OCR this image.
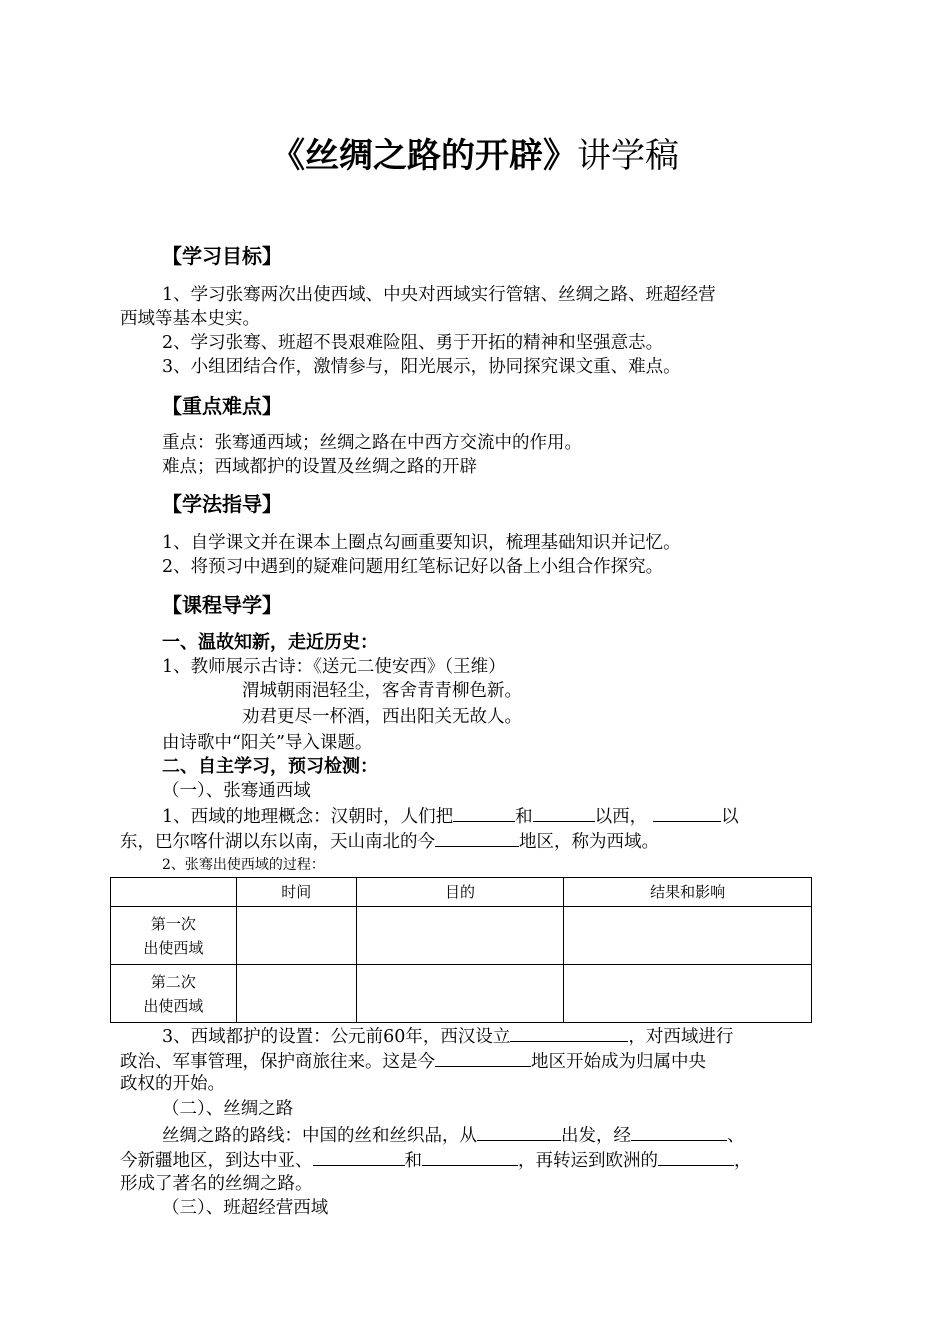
《丝绸之路的开辟》讲学稿
【学习目标】
1、学习张骞两次出使西域、中央对西域实行管辖、丝绸之路、班超经营
西域等基本史实。
2、学习张骞、班超不畏艰难险阻、勇于开拓的精神和坚强意志。
3、小组团结合作，激情参与，阳光展示，协同探究课文重、难点。
【重点难点】
重点：张骞通西域；丝绸之路在中西方交流中的作用。
难点；西域都护的设置及丝绸之路的开辟
【学法指导】
1、自学课文并在课本上圈点勾画重要知识，梳理基础知识并记忆。
2、将预习中遇到的疑难问题用红笔标记好以备上小组合作探究。
【课程导学】
一、温故知新，走近历史：
1、教师展示古诗：《送元二使安西》（王维）
渭城朝雨浥轻尘，客舍青青柳色新。
劝君更尽一杯酒，西出阳关无故人。
由诗歌中“阳关”导入课题。
二、自主学习，预习检测：
（一）、张骞通西域
1、西域的地理概念：汉朝时，人们把	和	以西，	以
东，巴尔喀什湖以东以南，天山南北的今	地区，称为西域。
2、张骞出使西域的过程：
	时间	目的	结果和影响

第一次
出使西域			

第二次
出使西域			

3、西域都护的设置：公元前60年，西汉设立	，对西域进行
政治、军事管理，保护商旅往来。这是今	地区开始成为归属中央
政权的开始。
（二）、丝绸之路
丝绸之路的路线：中国的丝和丝织品，从	出发，经	、
今新疆地区，到达中亚、	和	，再转运到欧洲的	，
形成了著名的丝绸之路。
（三）、班超经营西域
